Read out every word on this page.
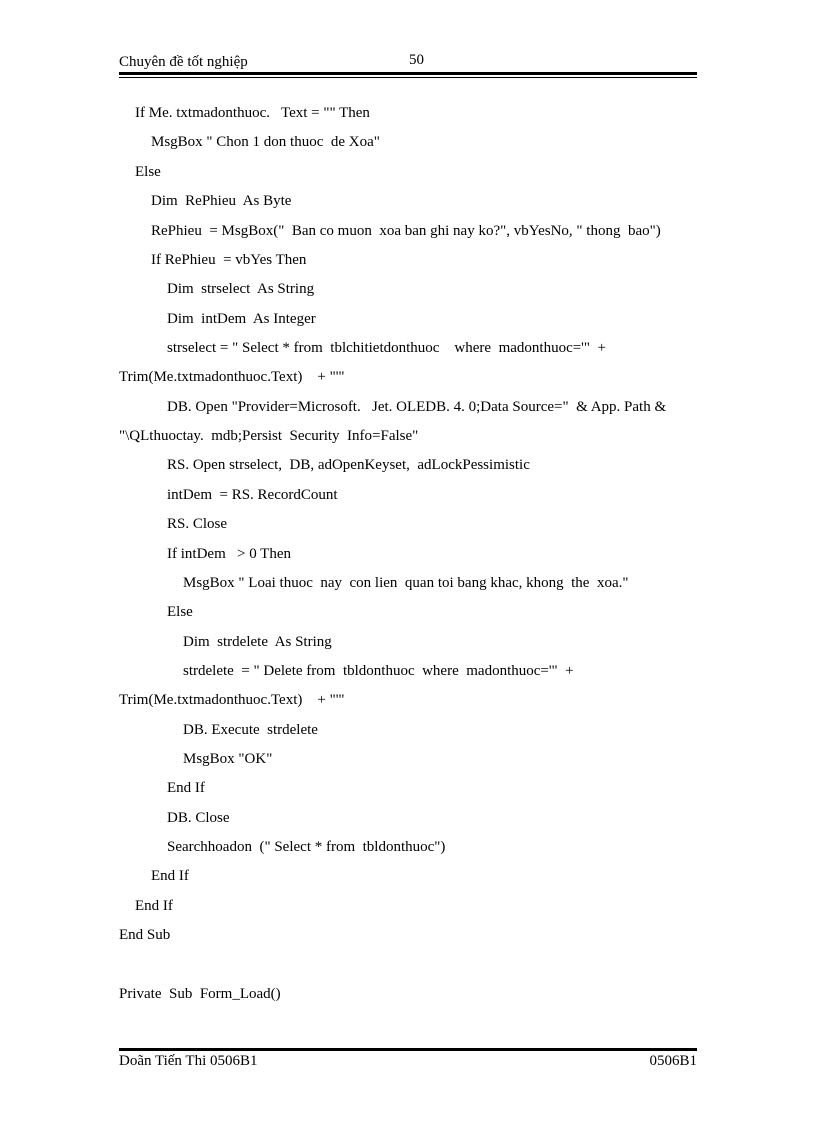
Chuyên đề tốt nghiệp	50
If Me. txtmadonthuoc.   Text = "" Then
MsgBox " Chon 1 don thuoc  de Xoa"
Else
Dim  RePhieu  As Byte
RePhieu  = MsgBox("  Ban co muon  xoa ban ghi nay ko?", vbYesNo, " thong  bao")
If RePhieu  = vbYes Then
Dim  strselect  As String
Dim  intDem  As Integer
strselect = " Select * from  tblchitietdonthuoc    where  madonthuoc='"  +
Trim(Me.txtmadonthuoc.Text)    + "'"
DB. Open "Provider=Microsoft.   Jet. OLEDB. 4. 0;Data Source="  & App. Path &
"\QLthuoctay.  mdb;Persist  Security  Info=False"
RS. Open strselect,  DB, adOpenKeyset,  adLockPessimistic
intDem  = RS. RecordCount
RS. Close
If intDem   > 0 Then
MsgBox " Loai thuoc  nay  con lien  quan toi bang khac, khong  the  xoa."
Else
Dim  strdelete  As String
strdelete  = " Delete from  tbldonthuoc  where  madonthuoc='"  +
Trim(Me.txtmadonthuoc.Text)    + "'"
DB. Execute  strdelete
MsgBox "OK"
End If
DB. Close
Searchhoadon  (" Select * from  tbldonthuoc")
End If
End If
End Sub
Private  Sub  Form_Load()
Doãn Tiến Thi 0506B1	0506B1
